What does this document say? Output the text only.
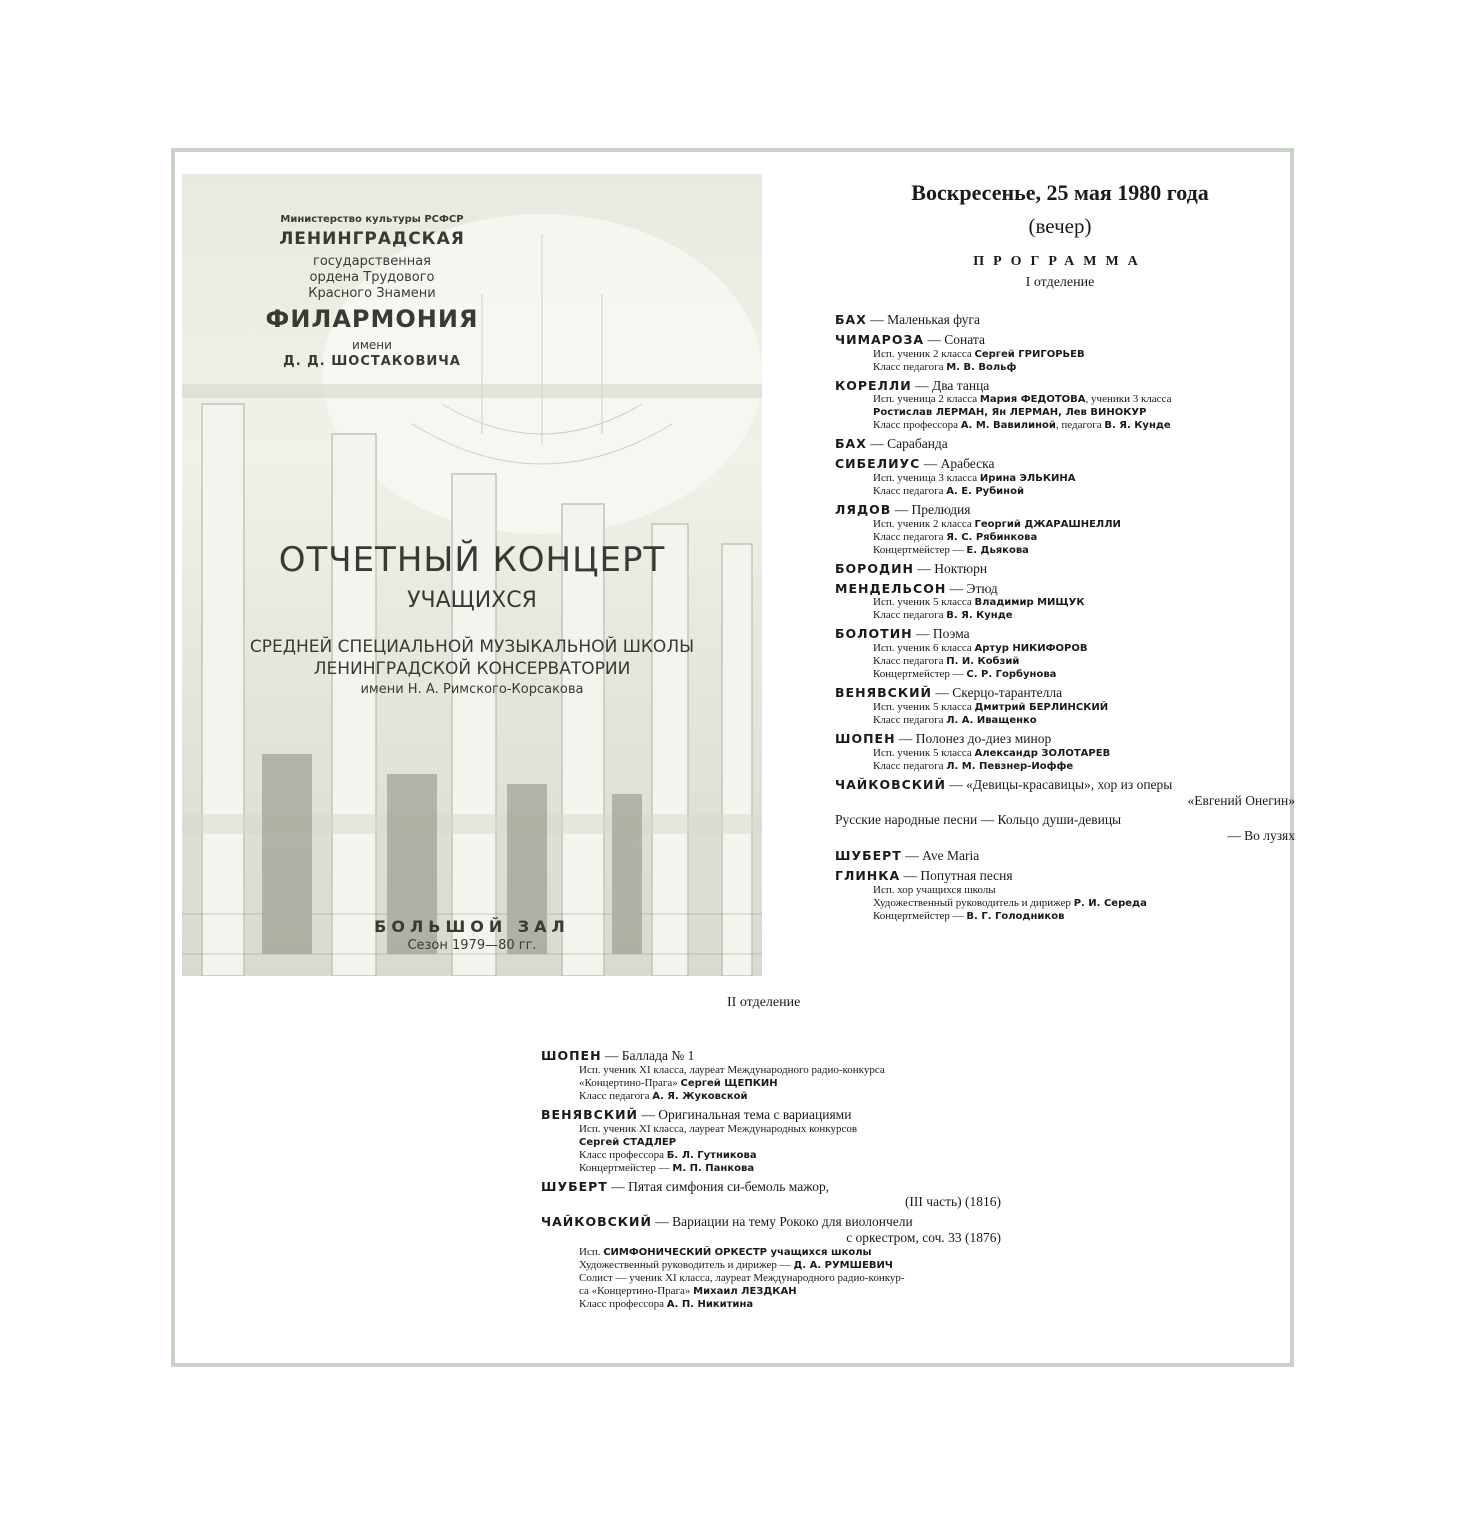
Министерство культуры РСФСР
ЛЕНИНГРАДСКАЯ
государственная
ордена Трудового
Красного Знамени
ФИЛАРМОНИЯ
имени
Д. Д. ШОСТАКОВИЧА
ОТЧЕТНЫЙ КОНЦЕРТ
УЧАЩИХСЯ
СРЕДНЕЙ СПЕЦИАЛЬНОЙ МУЗЫКАЛЬНОЙ ШКОЛЫ
ЛЕНИНГРАДСКОЙ КОНСЕРВАТОРИИ
имени Н. А. Римского-Корсакова
БОЛЬШОЙ ЗАЛ
Сезон 1979—80 гг.
Воскресенье, 25 мая 1980 года
(вечер)
ПРОГРАММА
I отделение
II отделение
БАХ — Маленькая фуга
ЧИМАРОЗА — Соната
Исп. ученик 2 класса Сергей ГРИГОРЬЕВ
Класс педагога М. В. Вольф
КОРЕЛЛИ — Два танца
Исп. ученица 2 класса Мария ФЕДОТОВА, ученики 3 класса
Ростислав ЛЕРМАН, Ян ЛЕРМАН, Лев ВИНОКУР
Класс профессора А. М. Вавилиной, педагога В. Я. Кунде
БАХ — Сарабанда
СИБЕЛИУС — Арабеска
Исп. ученица 3 класса Ирина ЭЛЬКИНА
Класс педагога А. Е. Рубиной
ЛЯДОВ — Прелюдия
Исп. ученик 2 класса Георгий ДЖАРАШНЕЛЛИ
Класс педагога Я. С. Рябинкова
Концертмейстер — Е. Дьякова
БОРОДИН — Ноктюрн
МЕНДЕЛЬСОН — Этюд
Исп. ученик 5 класса Владимир МИЩУК
Класс педагога В. Я. Кунде
БОЛОТИН — Поэма
Исп. ученик 6 класса Артур НИКИФОРОВ
Класс педагога П. И. Кобзий
Концертмейстер — С. Р. Горбунова
ВЕНЯВСКИЙ — Скерцо-тарантелла
Исп. ученик 5 класса Дмитрий БЕРЛИНСКИЙ
Класс педагога Л. А. Иващенко
ШОПЕН — Полонез до-диез минор
Исп. ученик 5 класса Александр ЗОЛОТАРЕВ
Класс педагога Л. М. Певзнер-Иоффе
ЧАЙКОВСКИЙ — «Девицы-красавицы», хор из оперы
«Евгений Онегин»
Русские народные песни — Кольцо души-девицы
— Во лузях
ШУБЕРТ — Ave Maria
ГЛИНКА — Попутная песня
Исп. хор учащихся школы
Художественный руководитель и дирижер Р. И. Середа
Концертмейстер — В. Г. Голодников
ШОПЕН — Баллада № 1
Исп. ученик XI класса, лауреат Международного радио-конкурса
«Концертино-Прага» Сергей ЩЕПКИН
Класс педагога А. Я. Жуковской
ВЕНЯВСКИЙ — Оригинальная тема с вариациями
Исп. ученик XI класса, лауреат Международных конкурсов
Сергей СТАДЛЕР
Класс профессора Б. Л. Гутникова
Концертмейстер — М. П. Панкова
ШУБЕРТ — Пятая симфония си-бемоль мажор,
(III часть) (1816)
ЧАЙКОВСКИЙ — Вариации на тему Рококо для виолончели
с оркестром, соч. 33 (1876)
Исп. СИМФОНИЧЕСКИЙ ОРКЕСТР учащихся школы
Художественный руководитель и дирижер — Д. А. РУМШЕВИЧ
Солист — ученик XI класса, лауреат Международного радио-конкур-
са «Концертино-Прага» Михаил ЛЕЗДКАН
Класс профессора А. П. Никитина
